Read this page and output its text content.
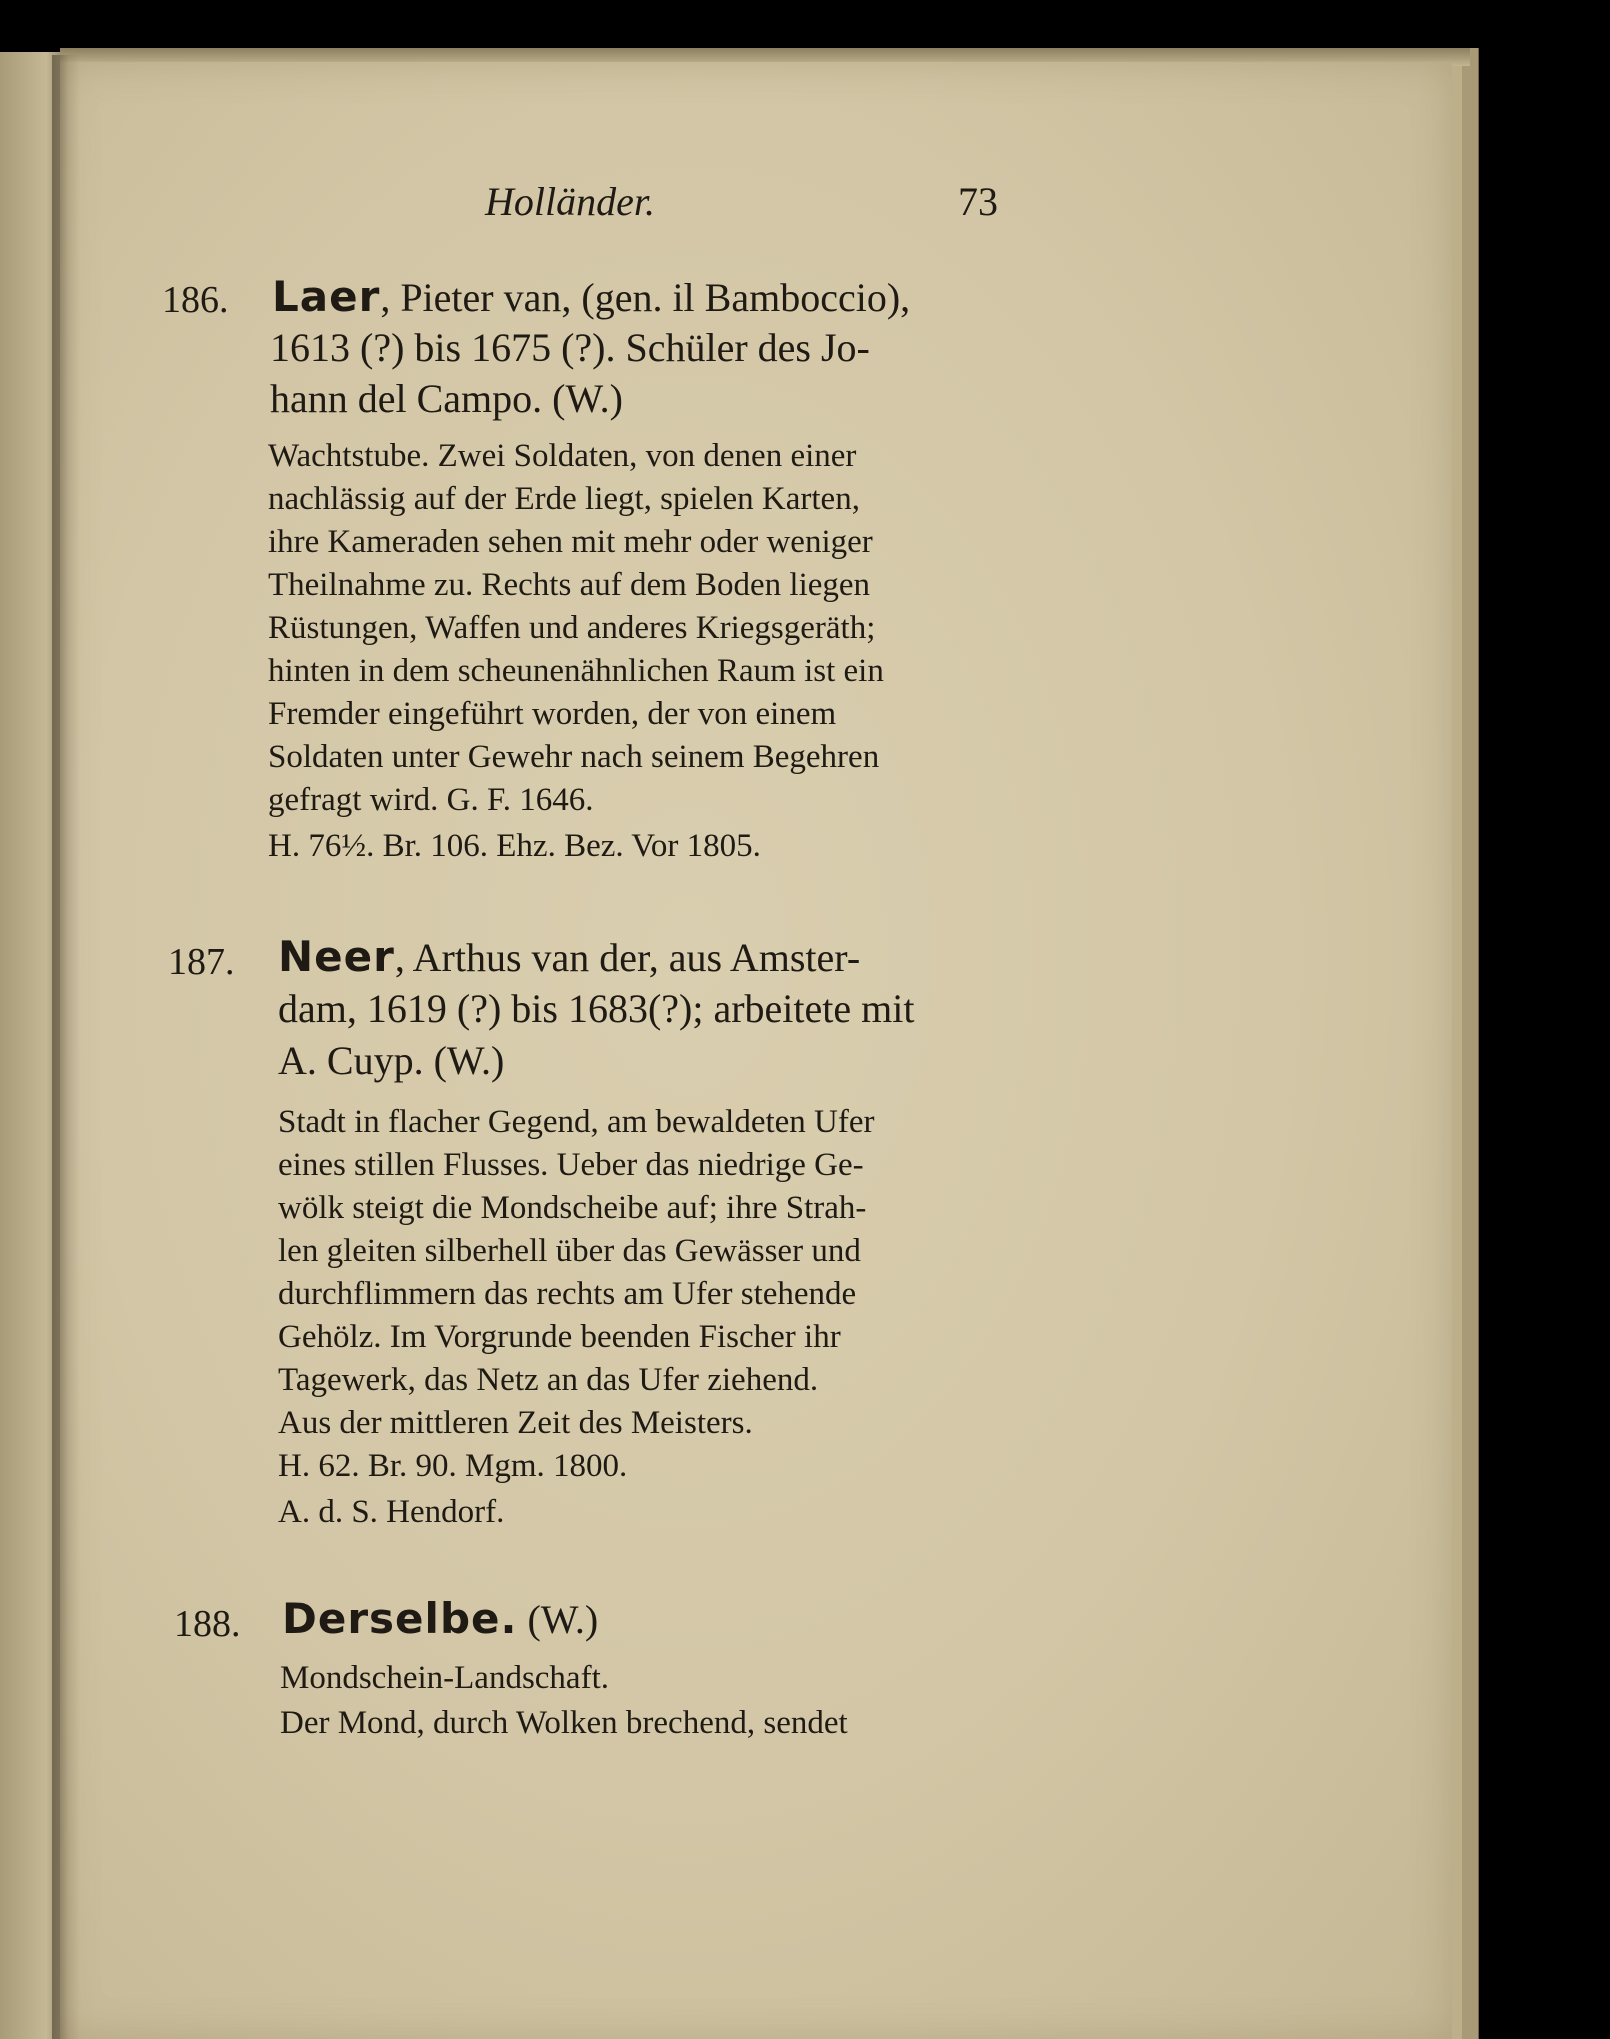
Holländer.	73
186. Laer, Pieter van, (gen. il Bamboccio),
1613 (?) bis 1675 (?). Schüler des Jo-
hann del Campo. (W.)
Wachtstube. Zwei Soldaten, von denen einer
nachlässig auf der Erde liegt, spielen Karten,
ihre Kameraden sehen mit mehr oder weniger
Theilnahme zu. Rechts auf dem Boden liegen
Rüstungen, Waffen und anderes Kriegsgeräth;
hinten in dem scheunenähnlichen Raum ist ein
Fremder eingeführt worden, der von einem
Soldaten unter Gewehr nach seinem Begehren
gefragt wird. G. F. 1646.
H. 76½. Br. 106. Ehz. Bez. Vor 1805.
187. Neer, Arthus van der, aus Amster-
dam, 1619 (?) bis 1683(?); arbeitete mit
A. Cuyp. (W.)
Stadt in flacher Gegend, am bewaldeten Ufer
eines stillen Flusses. Ueber das niedrige Ge-
wölk steigt die Mondscheibe auf; ihre Strah-
len gleiten silberhell über das Gewässer und
durchflimmern das rechts am Ufer stehende
Gehölz. Im Vorgrunde beenden Fischer ihr
Tagewerk, das Netz an das Ufer ziehend.
Aus der mittleren Zeit des Meisters.
H. 62. Br. 90. Mgm. 1800.
A. d. S. Hendorf.
188. Derselbe. (W.)
Mondschein-Landschaft.
Der Mond, durch Wolken brechend, sendet
